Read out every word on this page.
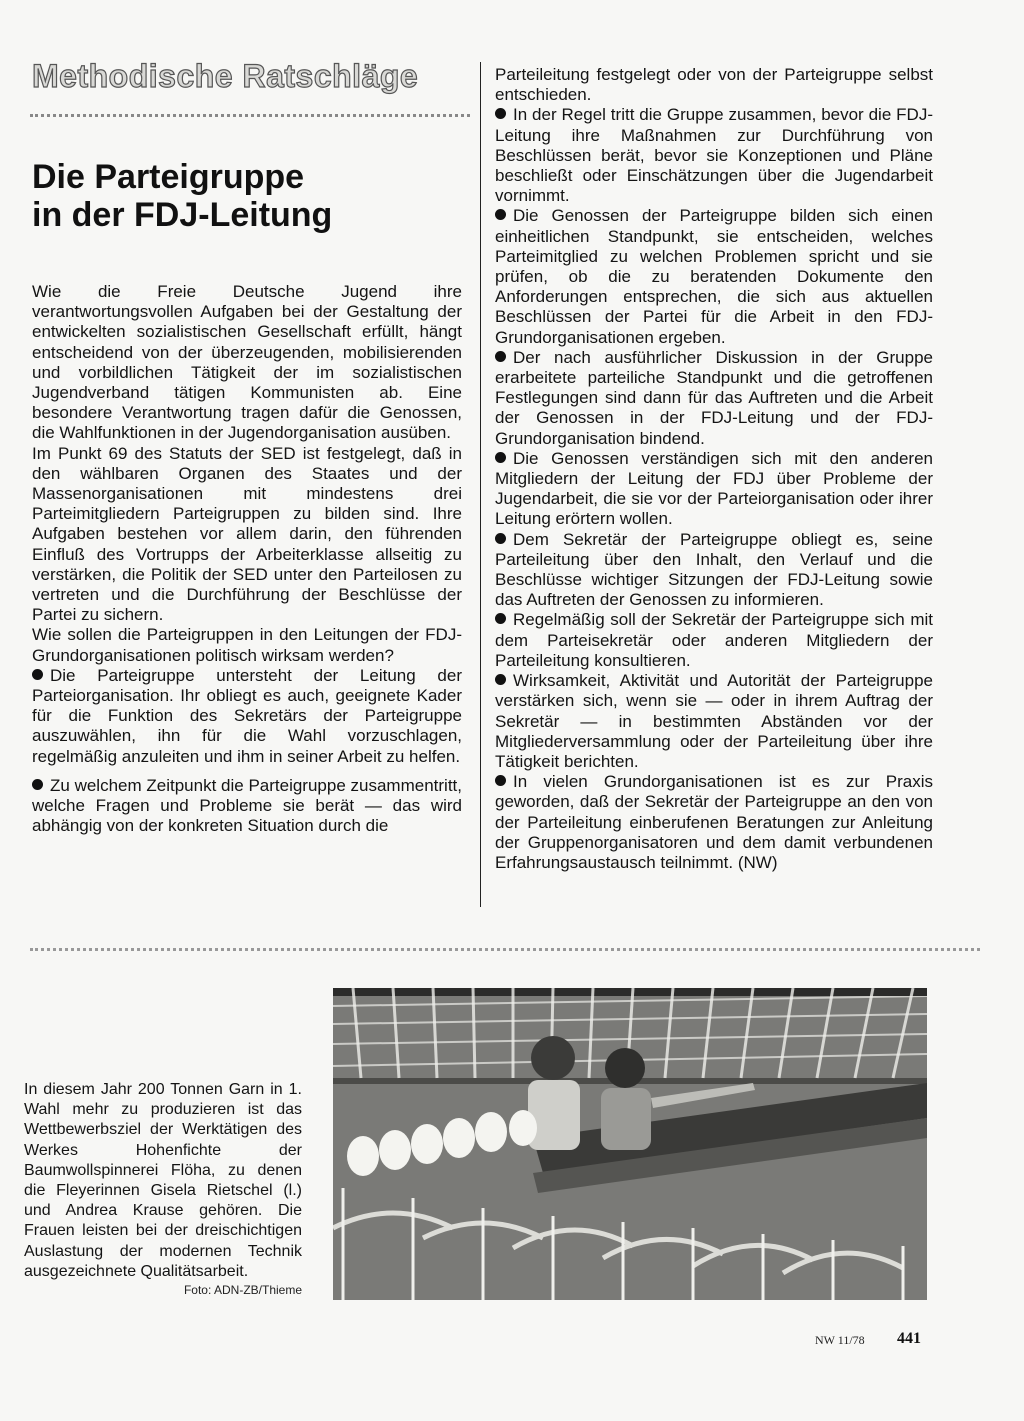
Methodische Ratschläge
Die Parteigruppe
in der FDJ-Leitung

Wie die Freie Deutsche Jugend ihre verantwortungsvollen Aufgaben bei der Gestaltung der entwickelten sozialistischen Gesellschaft erfüllt, hängt entscheidend von der überzeugenden, mobilisierenden und vorbildlichen Tätigkeit der im sozialistischen Jugendverband tätigen Kommunisten ab. Eine besondere Verantwortung tragen dafür die Genossen, die Wahlfunktionen in der Jugendorganisation ausüben.

Im Punkt 69 des Statuts der SED ist festgelegt, daß in den wählbaren Organen des Staates und der Massenorganisationen mit mindestens drei Parteimitgliedern Parteigruppen zu bilden sind. Ihre Aufgaben bestehen vor allem darin, den führenden Einfluß des Vortrupps der Arbeiterklasse allseitig zu verstärken, die Politik der SED unter den Parteilosen zu vertreten und die Durchführung der Beschlüsse der Partei zu sichern.

Wie sollen die Parteigruppen in den Leitungen der FDJ-Grundorganisationen politisch wirksam werden?

Die Parteigruppe untersteht der Leitung der Parteiorganisation. Ihr obliegt es auch, geeignete Kader für die Funktion des Sekretärs der Parteigruppe auszuwählen, ihn für die Wahl vorzuschlagen, regelmäßig anzuleiten und ihm in seiner Arbeit zu helfen.

Zu welchem Zeitpunkt die Parteigruppe zusammentritt, welche Fragen und Probleme sie berät — das wird abhängig von der konkreten Situation durch die

Parteileitung festgelegt oder von der Parteigruppe selbst entschieden.

In der Regel tritt die Gruppe zusammen, bevor die FDJ-Leitung ihre Maßnahmen zur Durchführung von Beschlüssen berät, bevor sie Konzeptionen und Pläne beschließt oder Einschätzungen über die Jugendarbeit vornimmt.

Die Genossen der Parteigruppe bilden sich einen einheitlichen Standpunkt, sie entscheiden, welches Parteimitglied zu welchen Problemen spricht und sie prüfen, ob die zu beratenden Dokumente den Anforderungen entsprechen, die sich aus aktuellen Beschlüssen der Partei für die Arbeit in den FDJ-Grundorganisationen ergeben.

Der nach ausführlicher Diskussion in der Gruppe erarbeitete parteiliche Standpunkt und die getroffenen Festlegungen sind dann für das Auftreten und die Arbeit der Genossen in der FDJ-Leitung und der FDJ-Grundorganisation bindend.

Die Genossen verständigen sich mit den anderen Mitgliedern der Leitung der FDJ über Probleme der Jugendarbeit, die sie vor der Parteiorganisation oder ihrer Leitung erörtern wollen.

Dem Sekretär der Parteigruppe obliegt es, seine Parteileitung über den Inhalt, den Verlauf und die Beschlüsse wichtiger Sitzungen der FDJ-Leitung sowie das Auftreten der Genossen zu informieren.

Regelmäßig soll der Sekretär der Parteigruppe sich mit dem Parteisekretär oder anderen Mitgliedern der Parteileitung konsultieren.

Wirksamkeit, Aktivität und Autorität der Parteigruppe verstärken sich, wenn sie — oder in ihrem Auftrag der Sekretär — in bestimmten Abständen vor der Mitgliederversammlung oder der Parteileitung über ihre Tätigkeit berichten.

In vielen Grundorganisationen ist es zur Praxis geworden, daß der Sekretär der Parteigruppe an den von der Parteileitung einberufenen Beratungen zur Anleitung der Gruppenorganisatoren und dem damit verbundenen Erfahrungsaustausch teilnimmt. (NW)

In diesem Jahr 200 Tonnen Garn in 1. Wahl mehr zu produzieren ist das Wettbewerbsziel der Werktätigen des Werkes Hohenfichte der Baumwollspinnerei Flöha, zu denen die Fleyerinnen Gisela Rietschel (l.) und Andrea Krause gehören. Die Frauen leisten bei der dreischichtigen Auslastung der modernen Technik ausgezeichnete Qualitätsarbeit.
Foto: ADN-ZB/Thieme
NW 11/78 441
